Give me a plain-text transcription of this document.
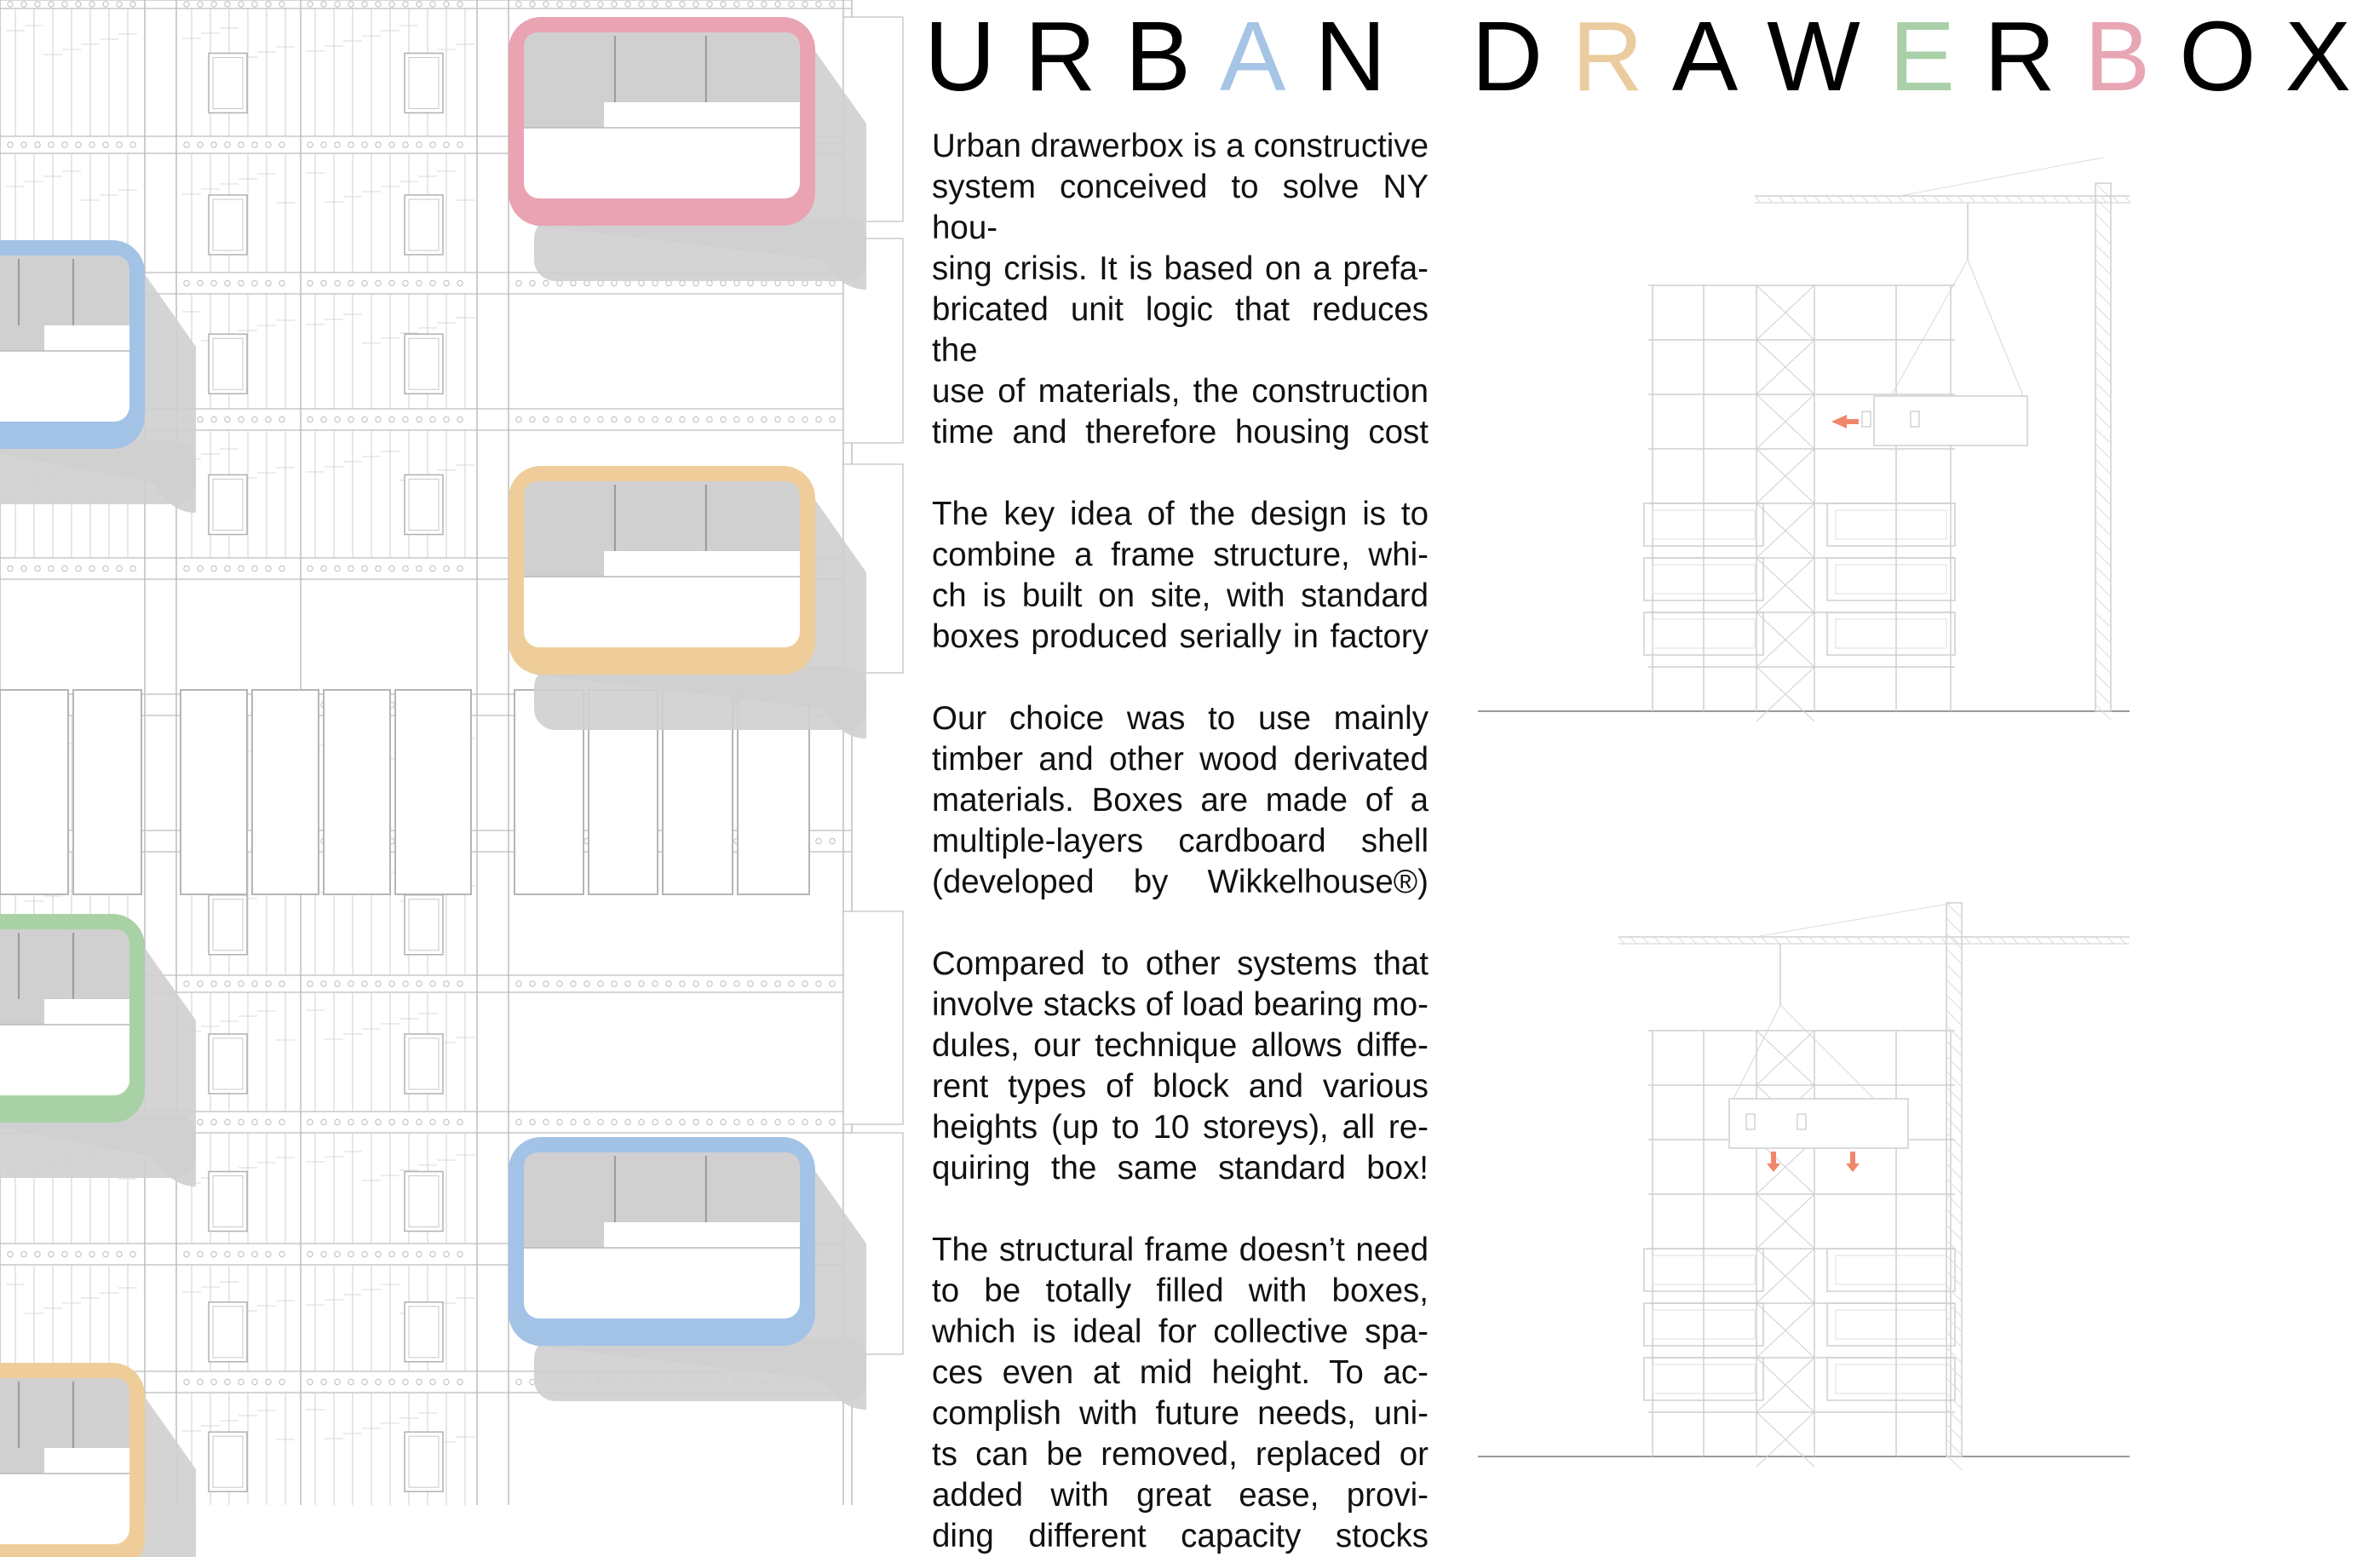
URBAN DRAWERBOX

Urban drawerbox is a constructive
system conceived to solve NY hou-
sing crisis. It is based on a prefa-
bricated unit logic that reduces the
use of materials, the construction
time and therefore housing cost

The key idea of the design is to
combine a frame structure, whi-
ch is built on site, with standard
boxes produced serially in factory

Our choice was to use mainly
timber and other wood derivated
materials. Boxes are made of a
multiple-layers cardboard shell
(developed by Wikkelhouse®)

Compared to other systems that
involve stacks of load bearing mo-
dules, our technique allows diffe-
rent types of block and various
heights (up to 10 storeys), all re-
quiring the same standard box!

The structural frame doesn’t need
to be totally filled with boxes,
which is ideal for collective spa-
ces even at mid height. To ac-
complish with future needs, uni-
ts can be removed, replaced or
added with great ease, provi-
ding different capacity stocks
